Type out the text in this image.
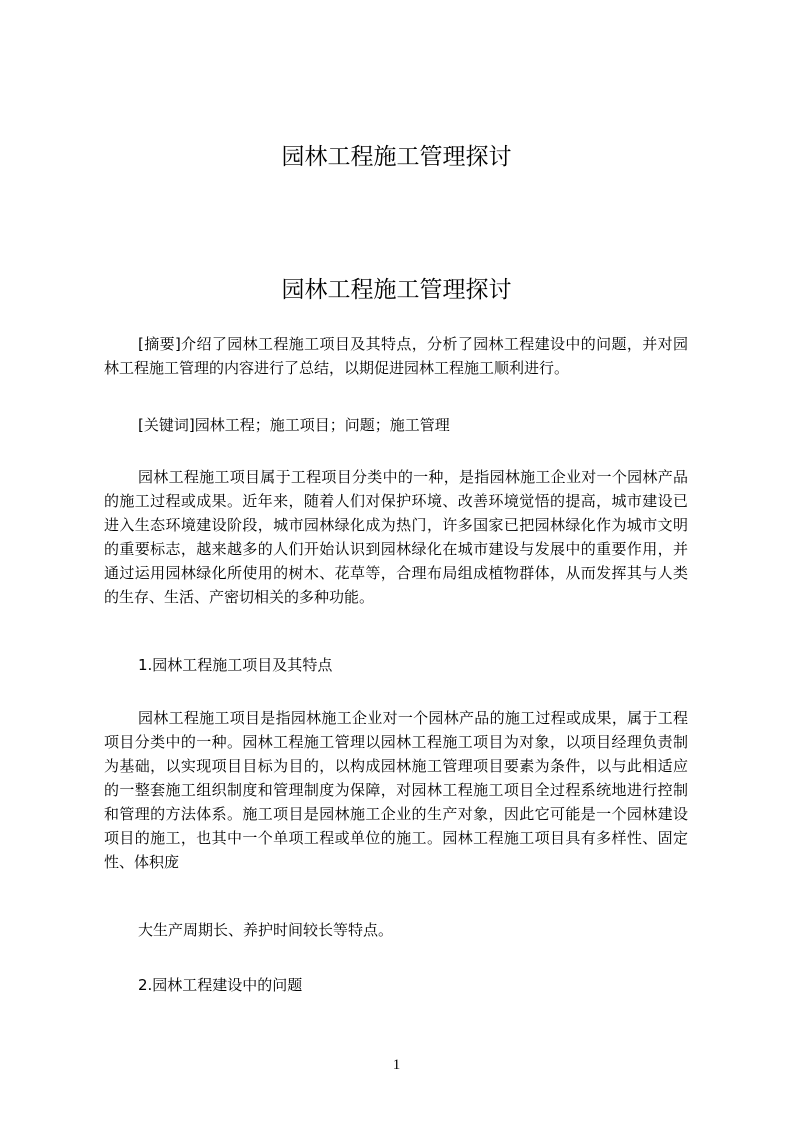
园林工程施工管理探讨
园林工程施工管理探讨
[摘要]介绍了园林工程施工项目及其特点，分析了园林工程建设中的问题，并对园林工程施工管理的内容进行了总结，以期促进园林工程施工顺利进行。
[关键词]园林工程；施工项目；问题；施工管理
园林工程施工项目属于工程项目分类中的一种，是指园林施工企业对一个园林产品的施工过程或成果。近年来，随着人们对保护环境、改善环境觉悟的提高，城市建设已进入生态环境建设阶段，城市园林绿化成为热门，许多国家已把园林绿化作为城市文明的重要标志，越来越多的人们开始认识到园林绿化在城市建设与发展中的重要作用，并通过运用园林绿化所使用的树木、花草等，合理布局组成植物群体，从而发挥其与人类的生存、生活、产密切相关的多种功能。
1.园林工程施工项目及其特点
园林工程施工项目是指园林施工企业对一个园林产品的施工过程或成果，属于工程项目分类中的一种。园林工程施工管理以园林工程施工项目为对象，以项目经理负责制为基础，以实现项目目标为目的，以构成园林施工管理项目要素为条件，以与此相适应的一整套施工组织制度和管理制度为保障，对园林工程施工项目全过程系统地进行控制和管理的方法体系。施工项目是园林施工企业的生产对象，因此它可能是一个园林建设项目的施工，也其中一个单项工程或单位的施工。园林工程施工项目具有多样性、固定性、体积庞
大生产周期长、养护时间较长等特点。
2.园林工程建设中的问题
1
